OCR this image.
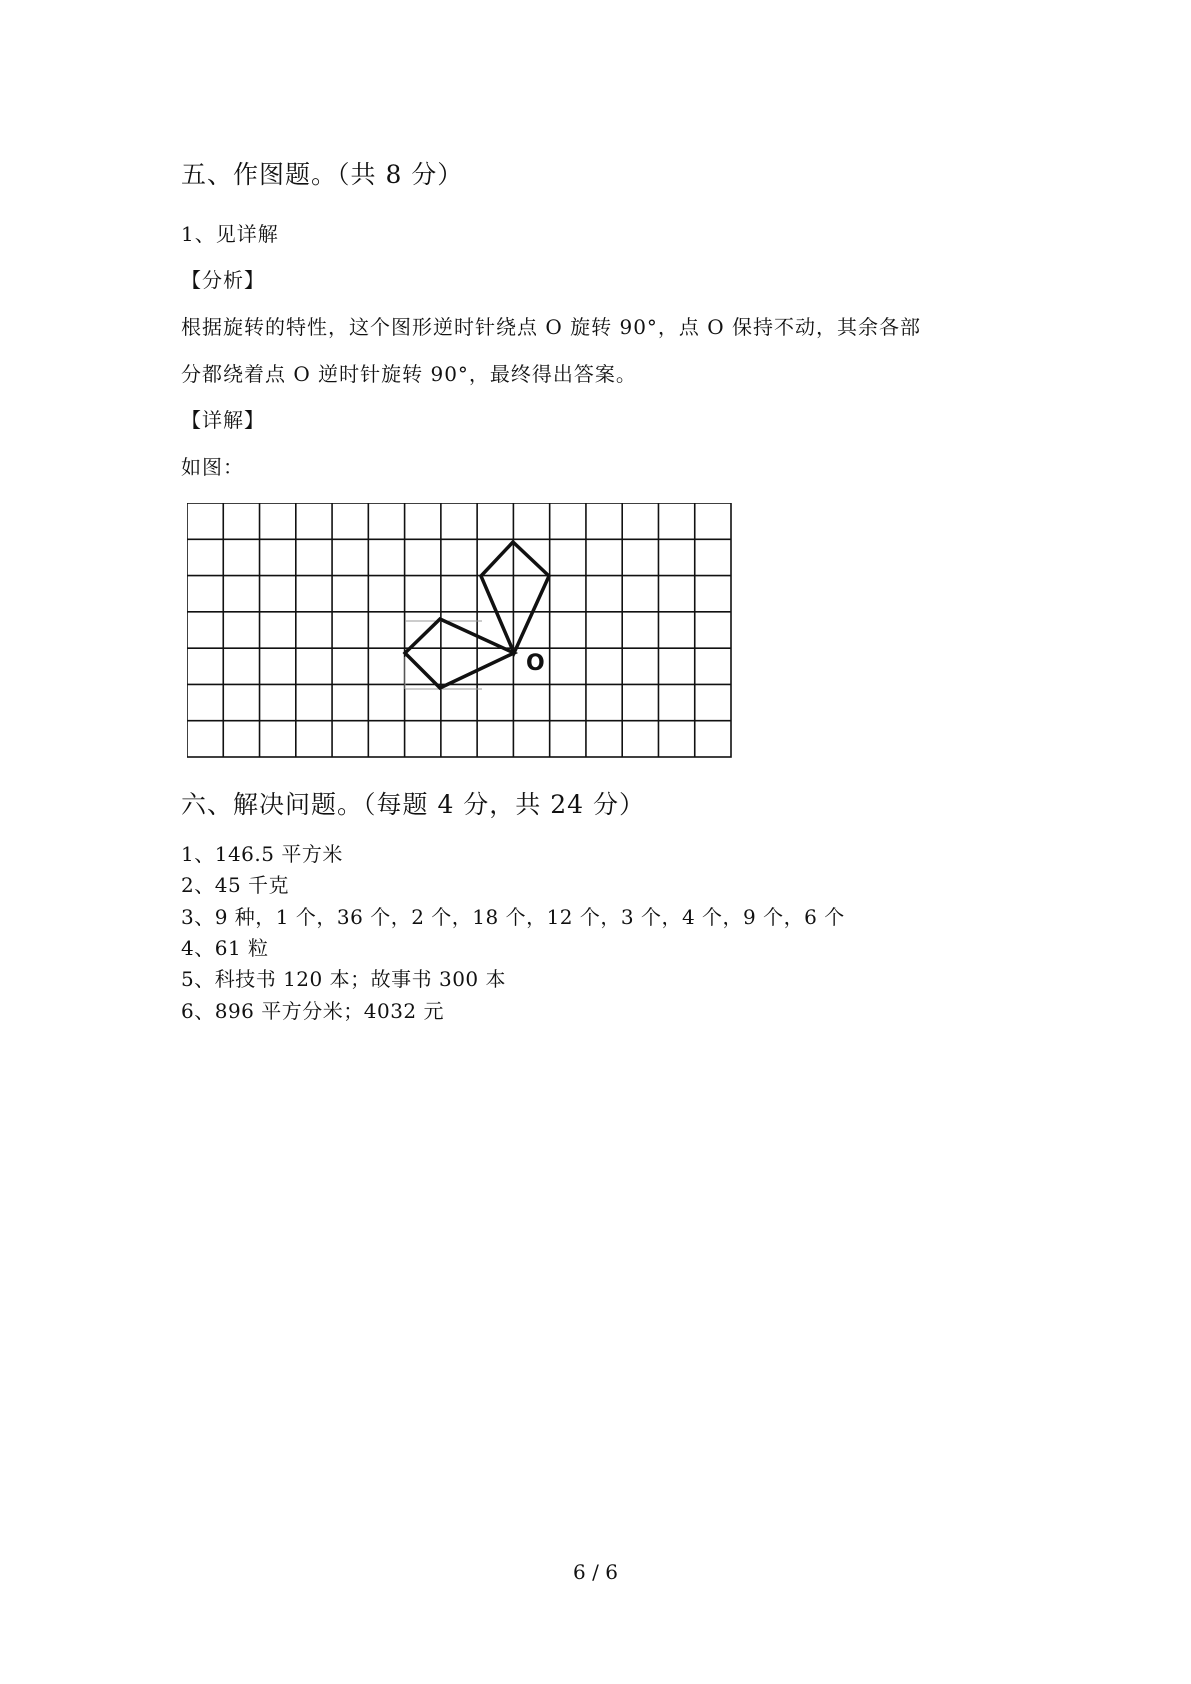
五、作图题。（共 8 分）
1、见详解
【分析】
根据旋转的特性，这个图形逆时针绕点 O 旋转 90°，点 O 保持不动，其余各部
分都绕着点 O 逆时针旋转 90°，最终得出答案。
【详解】
如图：
O
六、解决问题。（每题 4 分，共 24 分）
1、146.5 平方米
2、45 千克
3、9 种，1 个，36 个，2 个，18 个，12 个，3 个，4 个，9 个，6 个
4、61 粒
5、科技书 120 本；故事书 300 本
6、896 平方分米；4032 元
6 / 6
